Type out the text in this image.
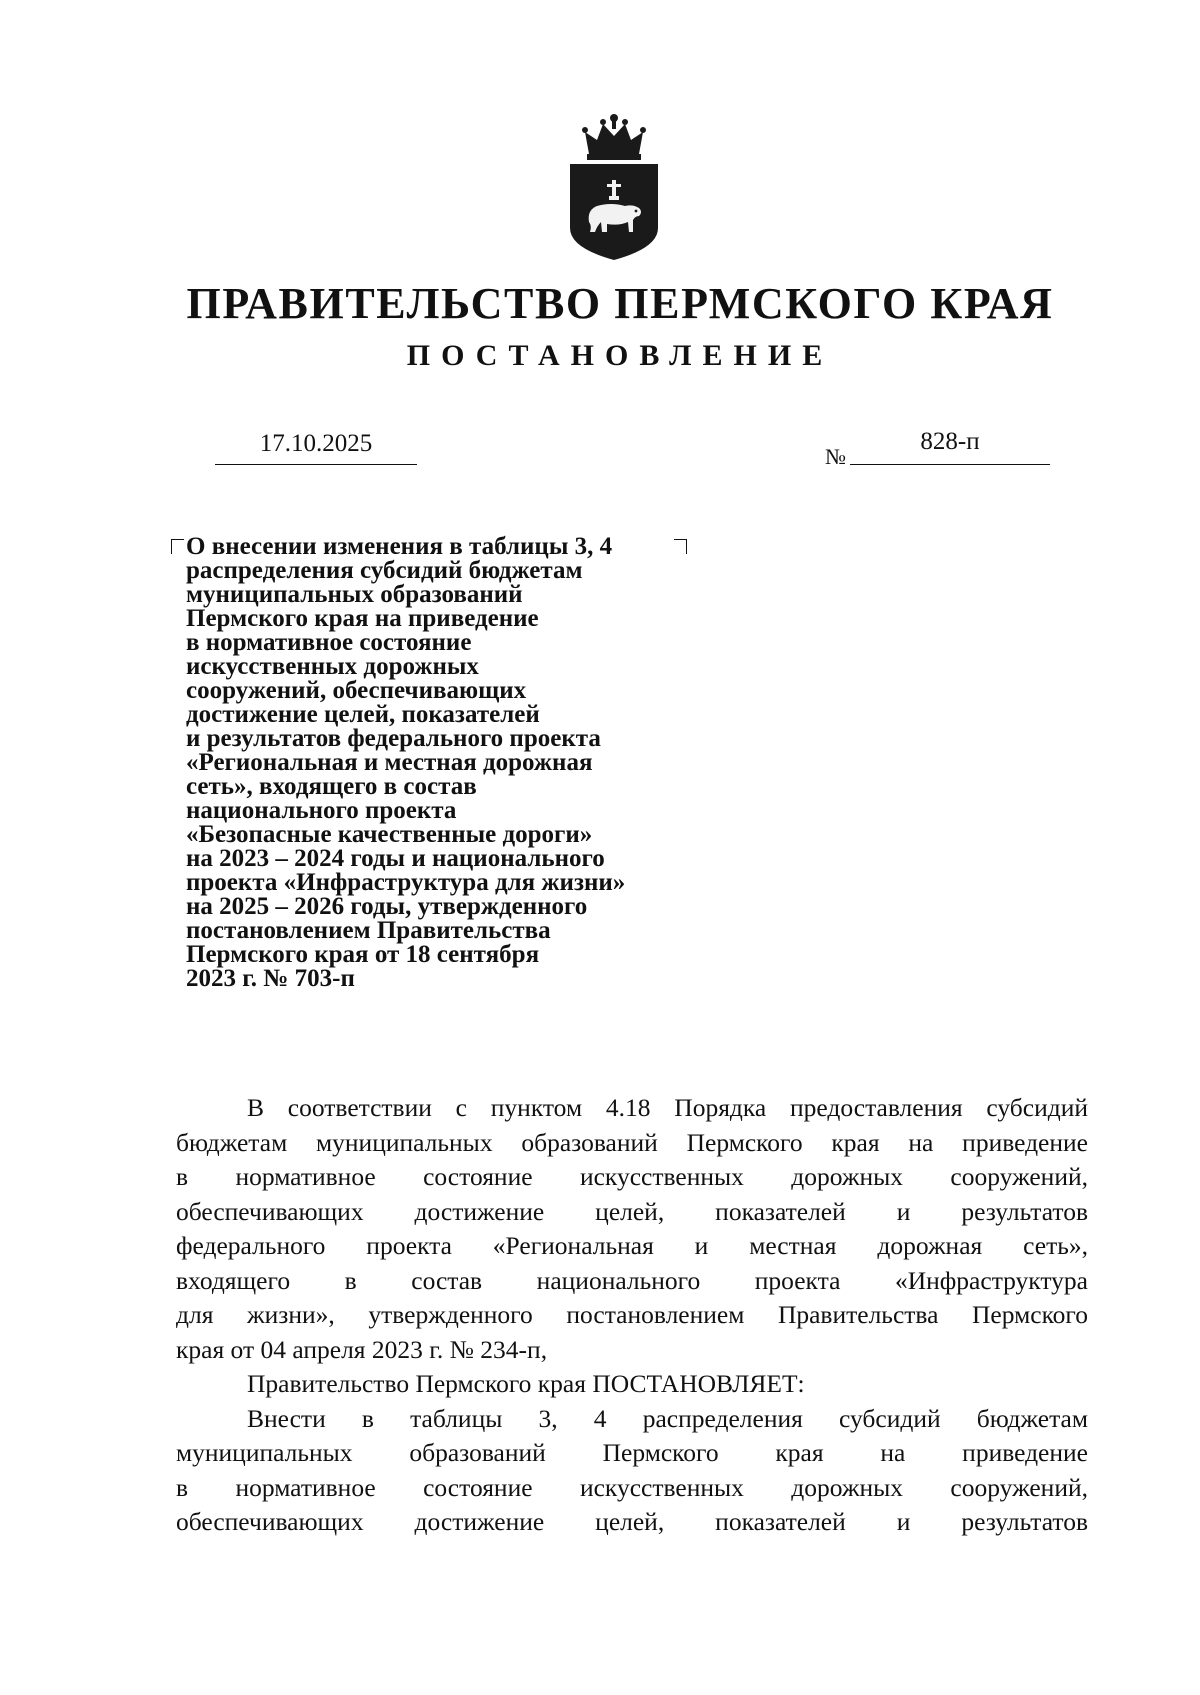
ПРАВИТЕЛЬСТВО ПЕРМСКОГО КРАЯ
ПОСТАНОВЛЕНИЕ
17.10.2025	№
828-п
О внесении изменения в таблицы 3, 4
распределения субсидий бюджетам
муниципальных образований
Пермского края на приведение
в нормативное состояние
искусственных дорожных
сооружений, обеспечивающих
достижение целей, показателей
и результатов федерального проекта
«Региональная и местная дорожная
сеть», входящего в состав
национального проекта
«Безопасные качественные дороги»
на 2023 – 2024 годы и национального
проекта «Инфраструктура для жизни»
на 2025 – 2026 годы, утвержденного
постановлением Правительства
Пермского края от 18 сентября
2023 г. № 703-п
В соответствии с пунктом 4.18 Порядка предоставления субсидий
бюджетам муниципальных образований Пермского края на приведение
в нормативное состояние искусственных дорожных сооружений,
обеспечивающих достижение целей, показателей и результатов
федерального проекта «Региональная и местная дорожная сеть»,
входящего в состав национального проекта «Инфраструктура
для жизни», утвержденного постановлением Правительства Пермского
края от 04 апреля 2023 г. № 234-п,
Правительство Пермского края ПОСТАНОВЛЯЕТ:
Внести в таблицы 3, 4 распределения субсидий бюджетам
муниципальных образований Пермского края на приведение
в нормативное состояние искусственных дорожных сооружений,
обеспечивающих достижение целей, показателей и результатов
